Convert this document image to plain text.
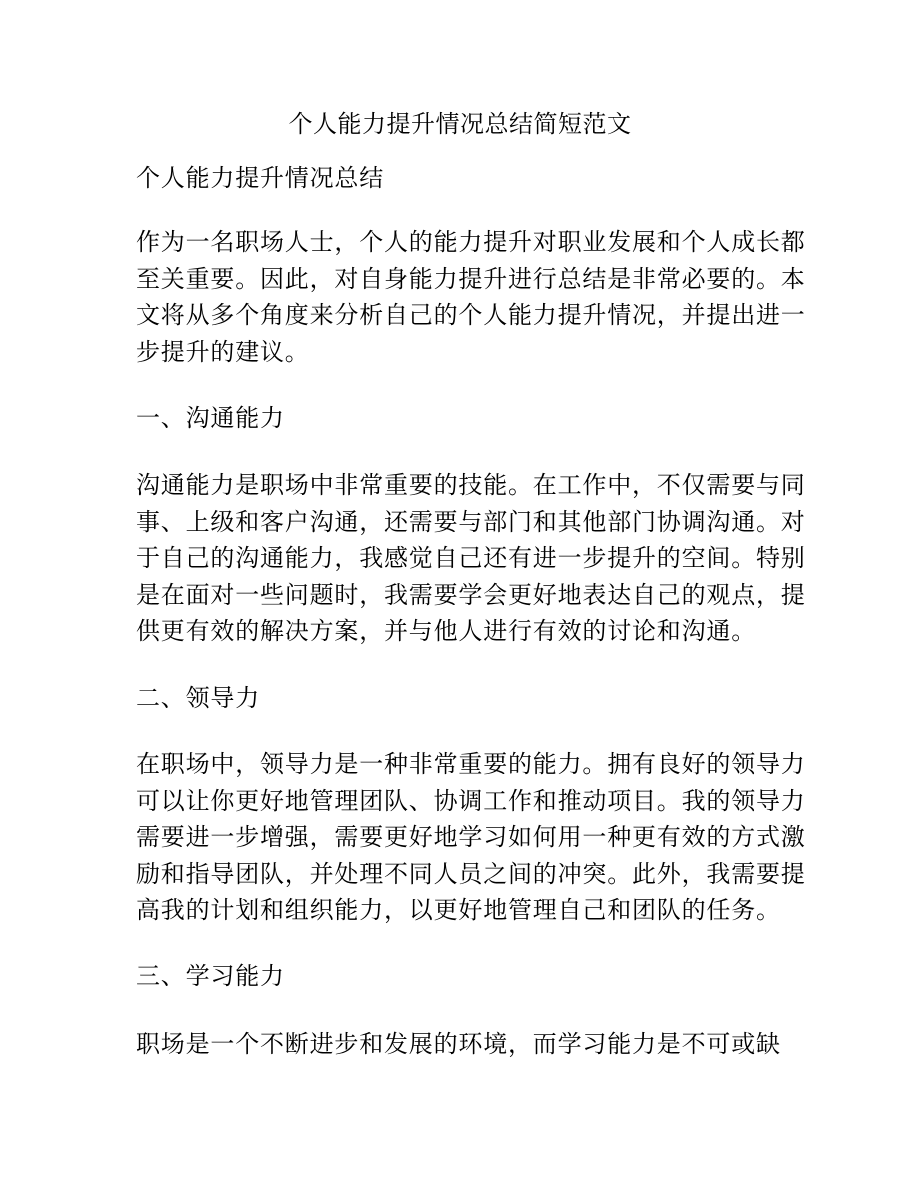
个人能力提升情况总结简短范文
个人能力提升情况总结
作为一名职场人士，个人的能力提升对职业发展和个人成长都
至关重要。因此，对自身能力提升进行总结是非常必要的。本
文将从多个角度来分析自己的个人能力提升情况，并提出进一
步提升的建议。
一、沟通能力
沟通能力是职场中非常重要的技能。在工作中，不仅需要与同
事、上级和客户沟通，还需要与部门和其他部门协调沟通。对
于自己的沟通能力，我感觉自己还有进一步提升的空间。特别
是在面对一些问题时，我需要学会更好地表达自己的观点，提
供更有效的解决方案，并与他人进行有效的讨论和沟通。
二、领导力
在职场中，领导力是一种非常重要的能力。拥有良好的领导力
可以让你更好地管理团队、协调工作和推动项目。我的领导力
需要进一步增强，需要更好地学习如何用一种更有效的方式激
励和指导团队，并处理不同人员之间的冲突。此外，我需要提
高我的计划和组织能力，以更好地管理自己和团队的任务。
三、学习能力
职场是一个不断进步和发展的环境，而学习能力是不可或缺
